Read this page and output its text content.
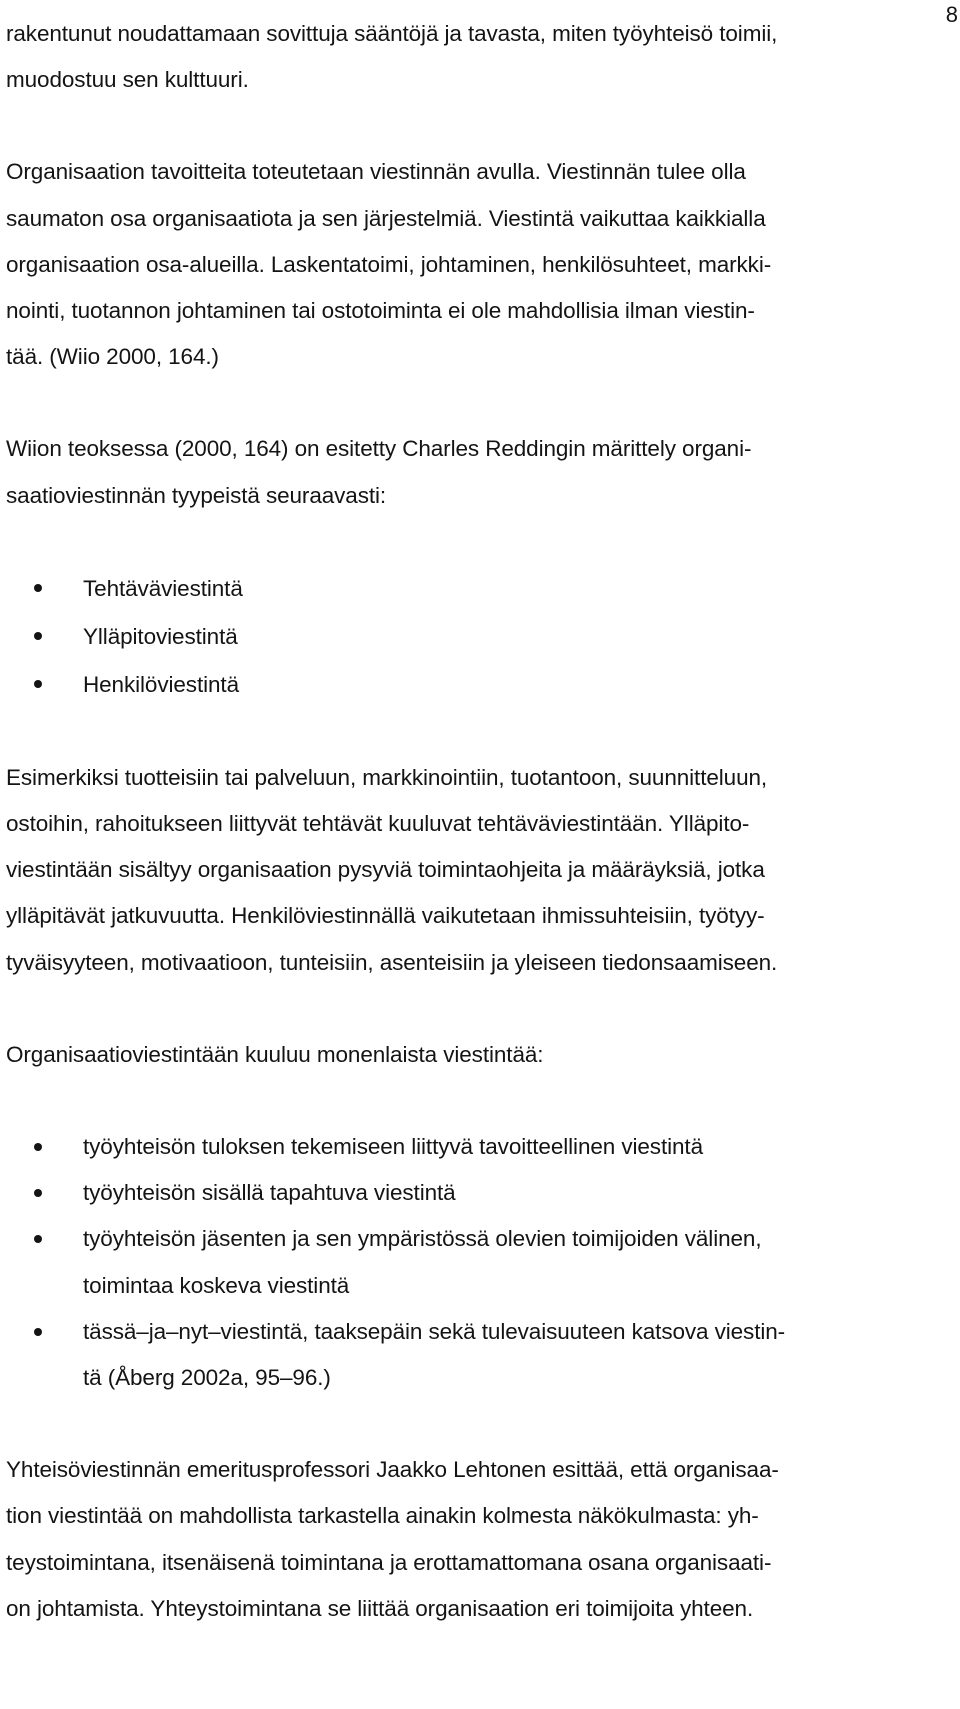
8

rakentunut noudattamaan sovittuja sääntöjä ja tavasta, miten työyhteisö toimii,
muodostuu sen kulttuuri.

Organisaation tavoitteita toteutetaan viestinnän avulla. Viestinnän tulee olla
saumaton osa organisaatiota ja sen järjestelmiä. Viestintä vaikuttaa kaikkialla
organisaation osa-alueilla. Laskentatoimi, johtaminen, henkilösuhteet, markki-
nointi, tuotannon johtaminen tai ostotoiminta ei ole mahdollisia ilman viestin-
tää. (Wiio 2000, 164.)

Wiion teoksessa (2000, 164) on esitetty Charles Reddingin märittely organi-
saatioviestinnän tyypeistä seuraavasti:

Tehtäväviestintä
Ylläpitoviestintä
Henkilöviestintä

Esimerkiksi tuotteisiin tai palveluun, markkinointiin, tuotantoon, suunnitteluun,
ostoihin, rahoitukseen liittyvät tehtävät kuuluvat tehtäväviestintään. Ylläpito-
viestintään sisältyy organisaation pysyviä toimintaohjeita ja määräyksiä, jotka
ylläpitävät jatkuvuutta. Henkilöviestinnällä vaikutetaan ihmissuhteisiin, työtyy-
tyväisyyteen, motivaatioon, tunteisiin, asenteisiin ja yleiseen tiedonsaamiseen.

Organisaatioviestintään kuuluu monenlaista viestintää:

työyhteisön tuloksen tekemiseen liittyvä tavoitteellinen viestintä
työyhteisön sisällä tapahtuva viestintä
työyhteisön jäsenten ja sen ympäristössä olevien toimijoiden välinen,
toimintaa koskeva viestintä
tässä–ja–nyt–viestintä, taaksepäin sekä tulevaisuuteen katsova viestin-
tä (Åberg 2002a, 95–96.)

Yhteisöviestinnän emeritusprofessori Jaakko Lehtonen esittää, että organisaa-
tion viestintää on mahdollista tarkastella ainakin kolmesta näkökulmasta: yh-
teystoimintana, itsenäisenä toimintana ja erottamattomana osana organisaati-
on johtamista. Yhteystoimintana se liittää organisaation eri toimijoita yhteen.
